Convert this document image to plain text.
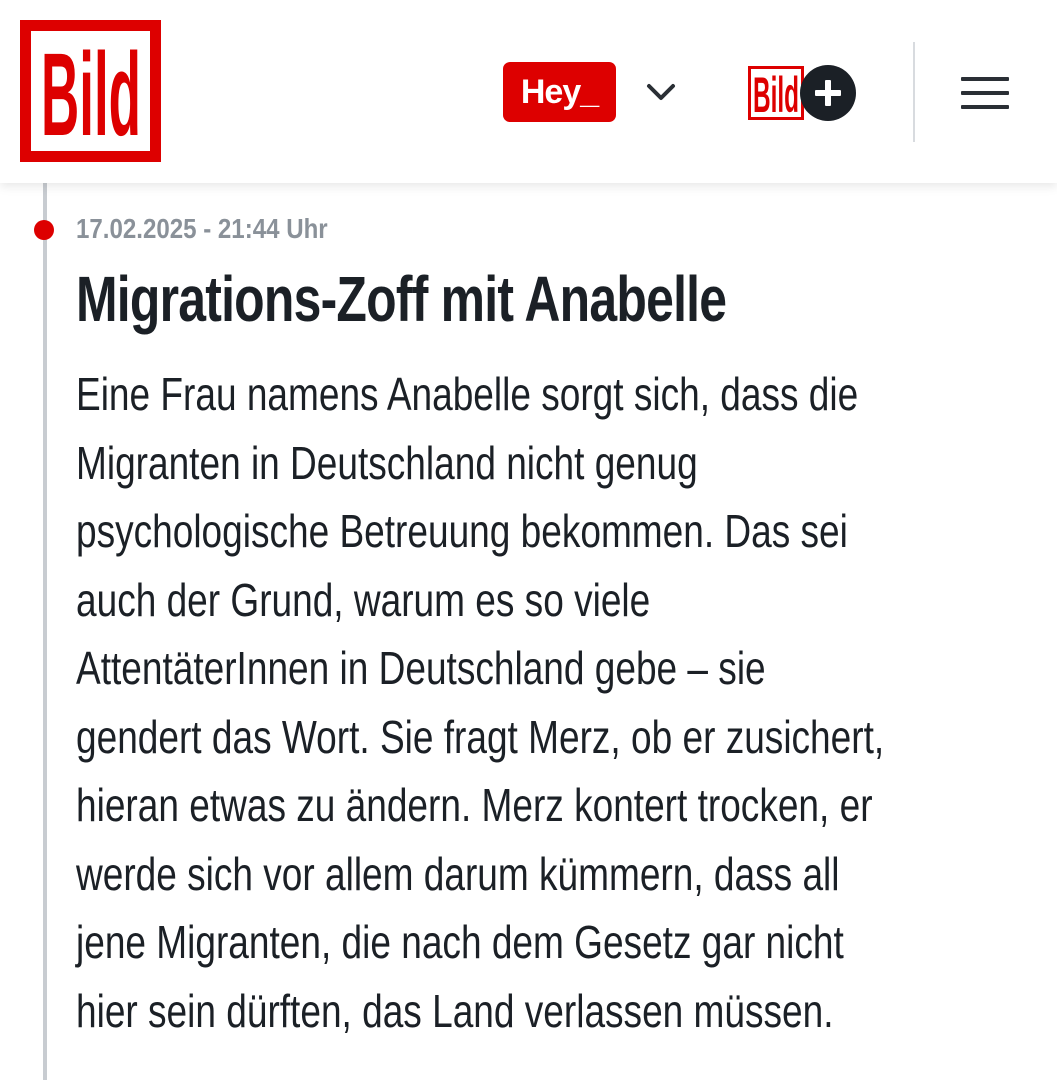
Bild	Hey_	Bild
17.02.2025 - 21:44 Uhr
Migrations-Zoff mit Anabelle
Eine Frau namens Anabelle sorgt sich, dass die
Migranten in Deutschland nicht genug
psychologische Betreuung bekommen. Das sei
auch der Grund, warum es so viele
AttentäterInnen in Deutschland gebe – sie
gendert das Wort. Sie fragt Merz, ob er zusichert,
hieran etwas zu ändern. Merz kontert trocken, er
werde sich vor allem darum kümmern, dass all
jene Migranten, die nach dem Gesetz gar nicht
hier sein dürften, das Land verlassen müssen.
